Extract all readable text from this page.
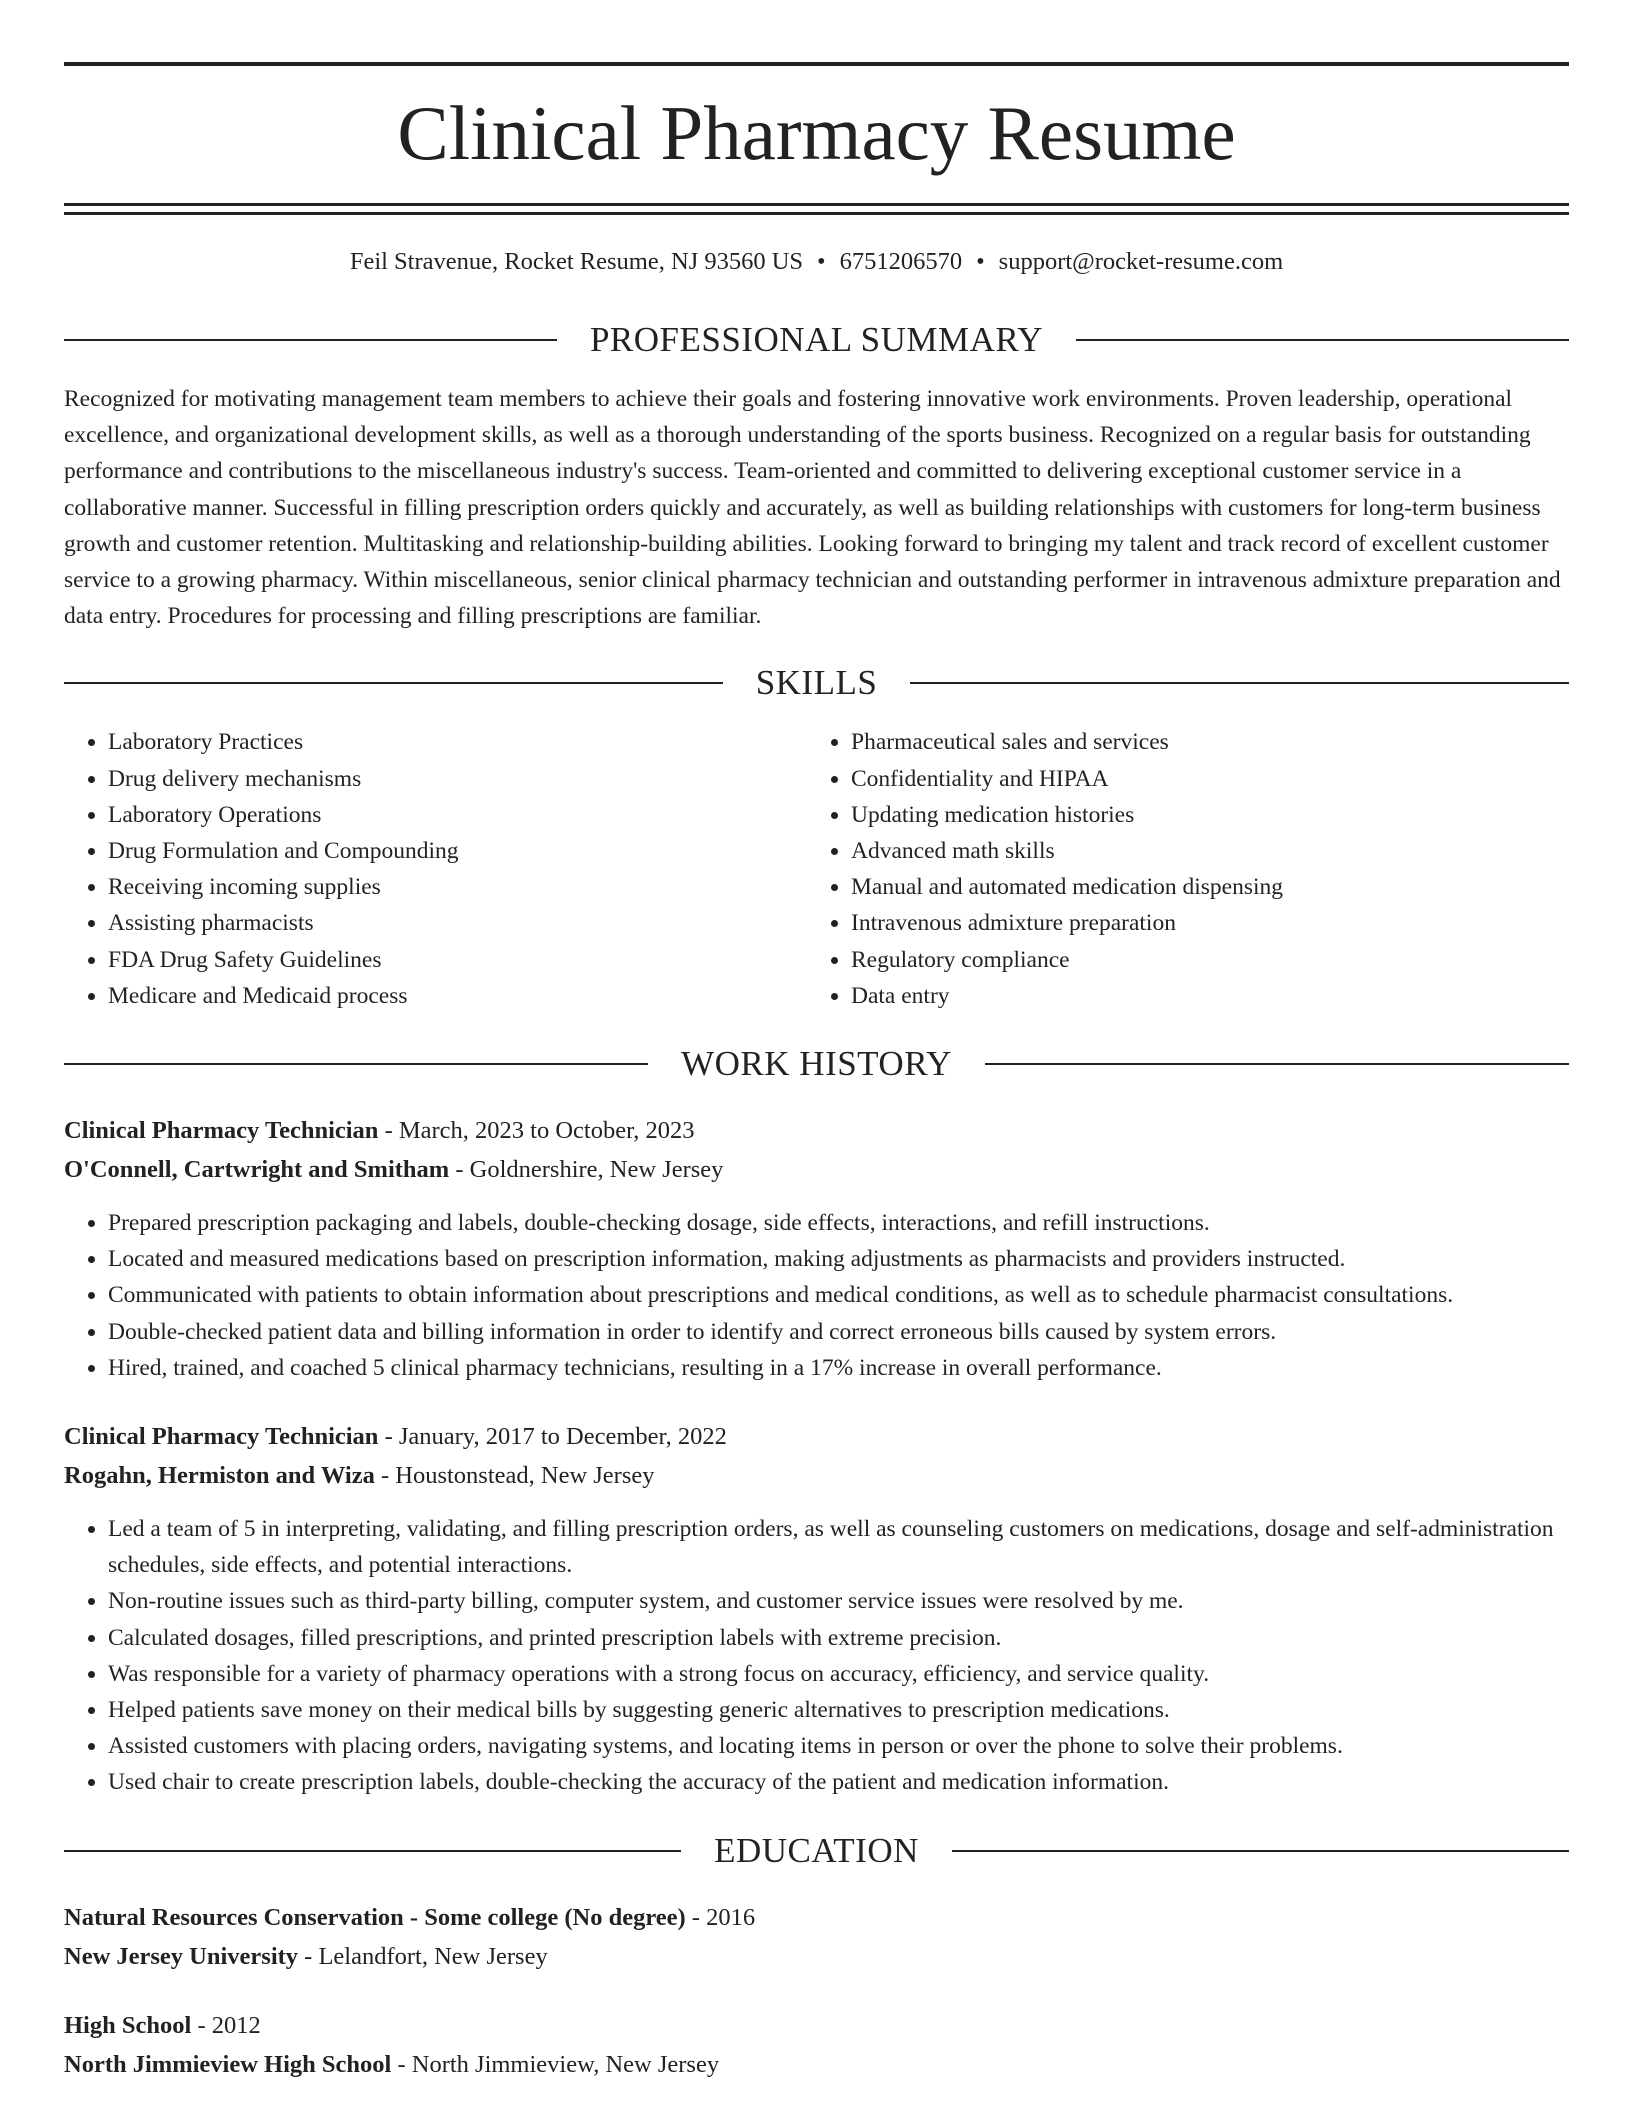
Clinical Pharmacy Resume
Feil Stravenue, Rocket Resume, NJ 93560 US • 6751206570 • support@rocket-resume.com
PROFESSIONAL SUMMARY
Recognized for motivating management team members to achieve their goals and fostering innovative work environments. Proven leadership, operational excellence, and organizational development skills, as well as a thorough understanding of the sports business. Recognized on a regular basis for outstanding performance and contributions to the miscellaneous industry's success. Team-oriented and committed to delivering exceptional customer service in a collaborative manner. Successful in filling prescription orders quickly and accurately, as well as building relationships with customers for long-term business growth and customer retention. Multitasking and relationship-building abilities. Looking forward to bringing my talent and track record of excellent customer service to a growing pharmacy. Within miscellaneous, senior clinical pharmacy technician and outstanding performer in intravenous admixture preparation and data entry. Procedures for processing and filling prescriptions are familiar.
SKILLS
• Laboratory Practices
• Drug delivery mechanisms
• Laboratory Operations
• Drug Formulation and Compounding
• Receiving incoming supplies
• Assisting pharmacists
• FDA Drug Safety Guidelines
• Medicare and Medicaid process
• Pharmaceutical sales and services
• Confidentiality and HIPAA
• Updating medication histories
• Advanced math skills
• Manual and automated medication dispensing
• Intravenous admixture preparation
• Regulatory compliance
• Data entry
WORK HISTORY
Clinical Pharmacy Technician - March, 2023 to October, 2023
O'Connell, Cartwright and Smitham - Goldnershire, New Jersey
• Prepared prescription packaging and labels, double-checking dosage, side effects, interactions, and refill instructions.
• Located and measured medications based on prescription information, making adjustments as pharmacists and providers instructed.
• Communicated with patients to obtain information about prescriptions and medical conditions, as well as to schedule pharmacist consultations.
• Double-checked patient data and billing information in order to identify and correct erroneous bills caused by system errors.
• Hired, trained, and coached 5 clinical pharmacy technicians, resulting in a 17% increase in overall performance.
Clinical Pharmacy Technician - January, 2017 to December, 2022
Rogahn, Hermiston and Wiza - Houstonstead, New Jersey
• Led a team of 5 in interpreting, validating, and filling prescription orders, as well as counseling customers on medications, dosage and self-administration schedules, side effects, and potential interactions.
• Non-routine issues such as third-party billing, computer system, and customer service issues were resolved by me.
• Calculated dosages, filled prescriptions, and printed prescription labels with extreme precision.
• Was responsible for a variety of pharmacy operations with a strong focus on accuracy, efficiency, and service quality.
• Helped patients save money on their medical bills by suggesting generic alternatives to prescription medications.
• Assisted customers with placing orders, navigating systems, and locating items in person or over the phone to solve their problems.
• Used chair to create prescription labels, double-checking the accuracy of the patient and medication information.
EDUCATION
Natural Resources Conservation - Some college (No degree) - 2016
New Jersey University - Lelandfort, New Jersey
High School - 2012
North Jimmieview High School - North Jimmieview, New Jersey
